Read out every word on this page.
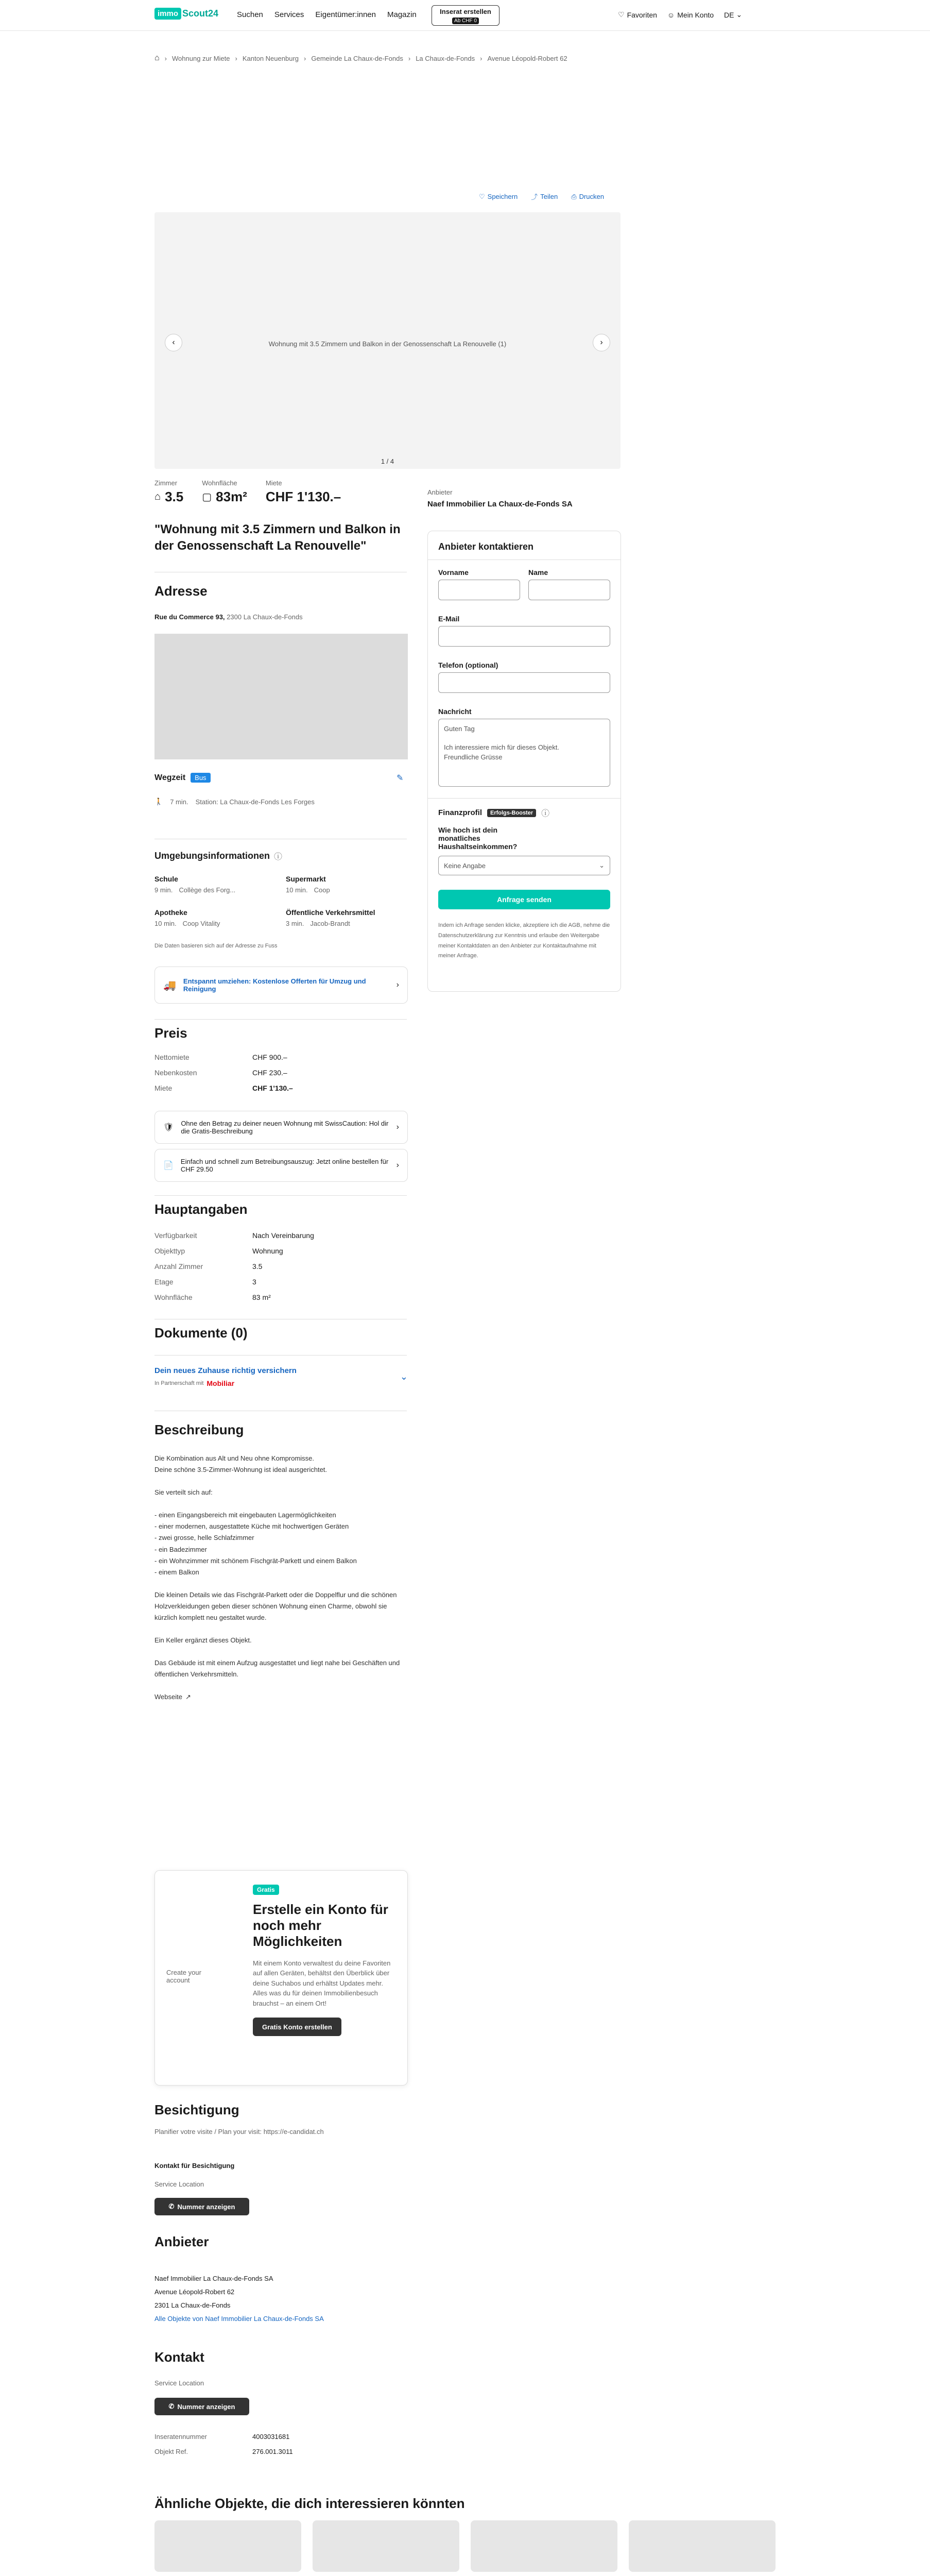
immo Scout24 Suchen Services Eigentümer:innen Magazin	Inserat erstellen
Ab CHF 0
♡ Favoriten ☺ Mein Konto DE ⌄
⌂ › Wohnung zur Miete › Kanton Neuenburg › Gemeinde La Chaux-de-Fonds › La Chaux-de-Fonds › Avenue Léopold-Robert 62
♡ Speichern ⤴ Teilen ⎙ Drucken
Wohnung mit 3.5 Zimmern und Balkon in der Genossenschaft La Renouvelle (1)
‹	›
1 / 4
Zimmer
⌂ 3.5
Wohnfläche
▢ 83m²
Miete
CHF 1'130.–
"Wohnung mit 3.5 Zimmern und Balkon in der Genossenschaft La Renouvelle"
Adresse
Rue du Commerce 93, 2300 La Chaux-de-Fonds
Wegzeit	Bus	✎
🚶 7 min. Station: La Chaux-de-Fonds Les Forges
Umgebungsinformationen ⓘ
Schule
9 min. Collège des Forg...
Supermarkt
10 min. Coop
Apotheke
10 min. Coop Vitality
Öffentliche Verkehrsmittel
3 min. Jacob-Brandt
Die Daten basieren sich auf der Adresse zu Fuss
🚚 Entspannt umziehen: Kostenlose Offerten für Umzug und Reinigung	›
Preis
Nettomiete	CHF 900.–
Nebenkosten	CHF 230.–
Miete	CHF 1'130.–
🛡 Ohne den Betrag zu deiner neuen Wohnung mit SwissCaution: Hol dir die Gratis-Beschreibung	›
📄 Einfach und schnell zum Betreibungsauszug: Jetzt online bestellen für CHF 29.50	›
Hauptangaben
Verfügbarkeit	Nach Vereinbarung
Objekttyp	Wohnung
Anzahl Zimmer	3.5
Etage	3
Wohnfläche	83 m²
Dokumente (0)
Dein neues Zuhause richtig versichern
In Partnerschaft mit Mobiliar
⌄
Beschreibung
Die Kombination aus Alt und Neu ohne Kompromisse.
Deine schöne 3.5-Zimmer-Wohnung ist ideal ausgerichtet.
Sie verteilt sich auf:
- einen Eingangsbereich mit eingebauten Lagermöglichkeiten
- einer modernen, ausgestattete Küche mit hochwertigen Geräten
- zwei grosse, helle Schlafzimmer
- ein Badezimmer
- ein Wohnzimmer mit schönem Fischgrät-Parkett und einem Balkon
- einem Balkon
Die kleinen Details wie das Fischgrät-Parkett oder die Doppelflur und die schönen Holzverkleidungen geben dieser schönen Wohnung einen Charme, obwohl sie kürzlich komplett neu gestaltet wurde.
Ein Keller ergänzt dieses Objekt.
Das Gebäude ist mit einem Aufzug ausgestattet und liegt nahe bei Geschäften und öffentlichen Verkehrsmitteln.
Webseite ↗
Create your account
Gratis
Erstelle ein Konto für noch mehr Möglichkeiten
Mit einem Konto verwaltest du deine Favoriten auf allen Geräten, behältst den Überblick über deine Suchabos und erhältst Updates mehr. Alles was du für deinen Immobilienbesuch brauchst – an einem Ort!
Gratis Konto erstellen
Besichtigung
Planifier votre visite / Plan your visit: https://e-candidat.ch
Kontakt für Besichtigung
Service Location
✆ Nummer anzeigen
Anbieter
Naef Immobilier La Chaux-de-Fonds SA
Avenue Léopold-Robert 62
2301 La Chaux-de-Fonds
Alle Objekte von Naef Immobilier La Chaux-de-Fonds SA
Kontakt
Service Location
✆ Nummer anzeigen
Inseratennummer	4003031681
Objekt Ref.	276.001.3011
Ähnliche Objekte, die dich interessieren könnten
Anbieter
Naef Immobilier La Chaux-de-Fonds SA
Anbieter kontaktieren
Vorname	Name
E-Mail
Telefon (optional)
Nachricht
Guten Tag

Ich interessiere mich für dieses Objekt.
Freundliche Grüsse
Finanzprofil	Erfolgs-Booster	ⓘ
Wie hoch ist dein monatliches Haushaltseinkommen?
Keine Angabe	⌄
Anfrage senden
Indem ich Anfrage senden klicke, akzeptiere ich die AGB, nehme die Datenschutzerklärung zur Kenntnis und erlaube den Weitergabe meiner Kontaktdaten an den Anbieter zur Kontaktaufnahme mit meiner Anfrage.
